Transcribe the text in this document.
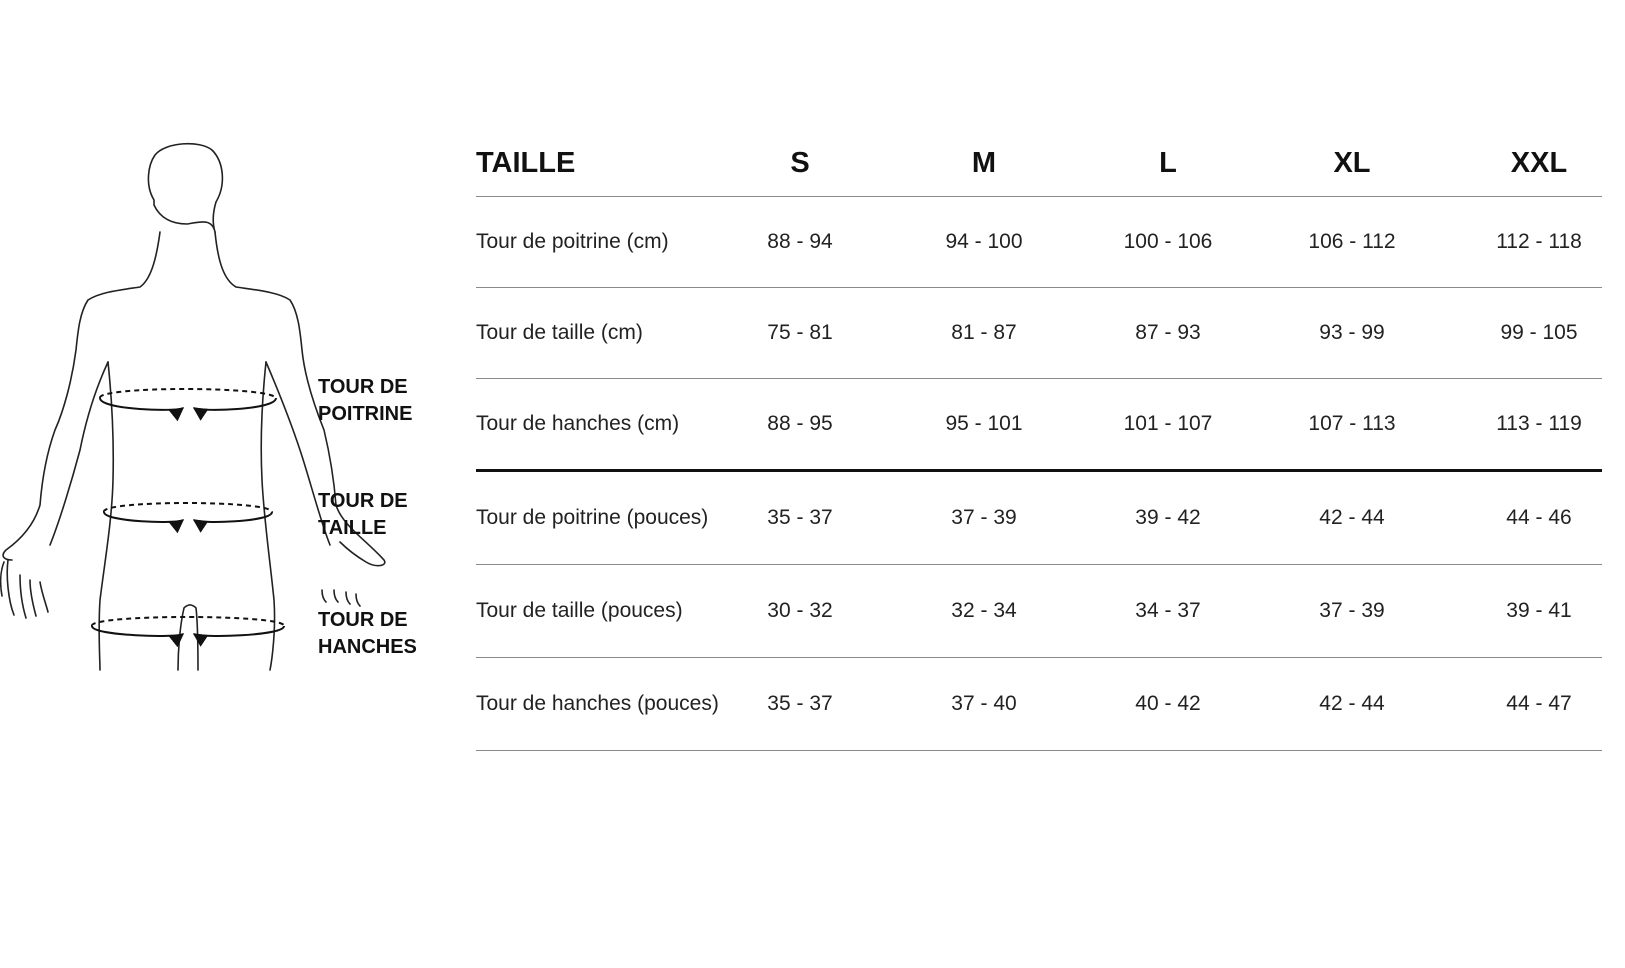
TOUR DE
POITRINE
TOUR DE
TAILLE
TOUR DE
HANCHES
TAILLE	S	M	L	XL	XXL
Tour de poitrine (cm)	88 - 94	94 - 100	100 - 106	106 - 112	112 - 118
Tour de taille (cm)	75 - 81	81 - 87	87 - 93	93 - 99	99 - 105
Tour de hanches (cm)	88 - 95	95 - 101	101 - 107	107 - 113	113 - 119
Tour de poitrine (pouces)	35 - 37	37 - 39	39 - 42	42 - 44	44 - 46
Tour de taille (pouces)	30 - 32	32 - 34	34 - 37	37 - 39	39 - 41
Tour de hanches (pouces)	35 - 37	37 - 40	40 - 42	42 - 44	44 - 47
